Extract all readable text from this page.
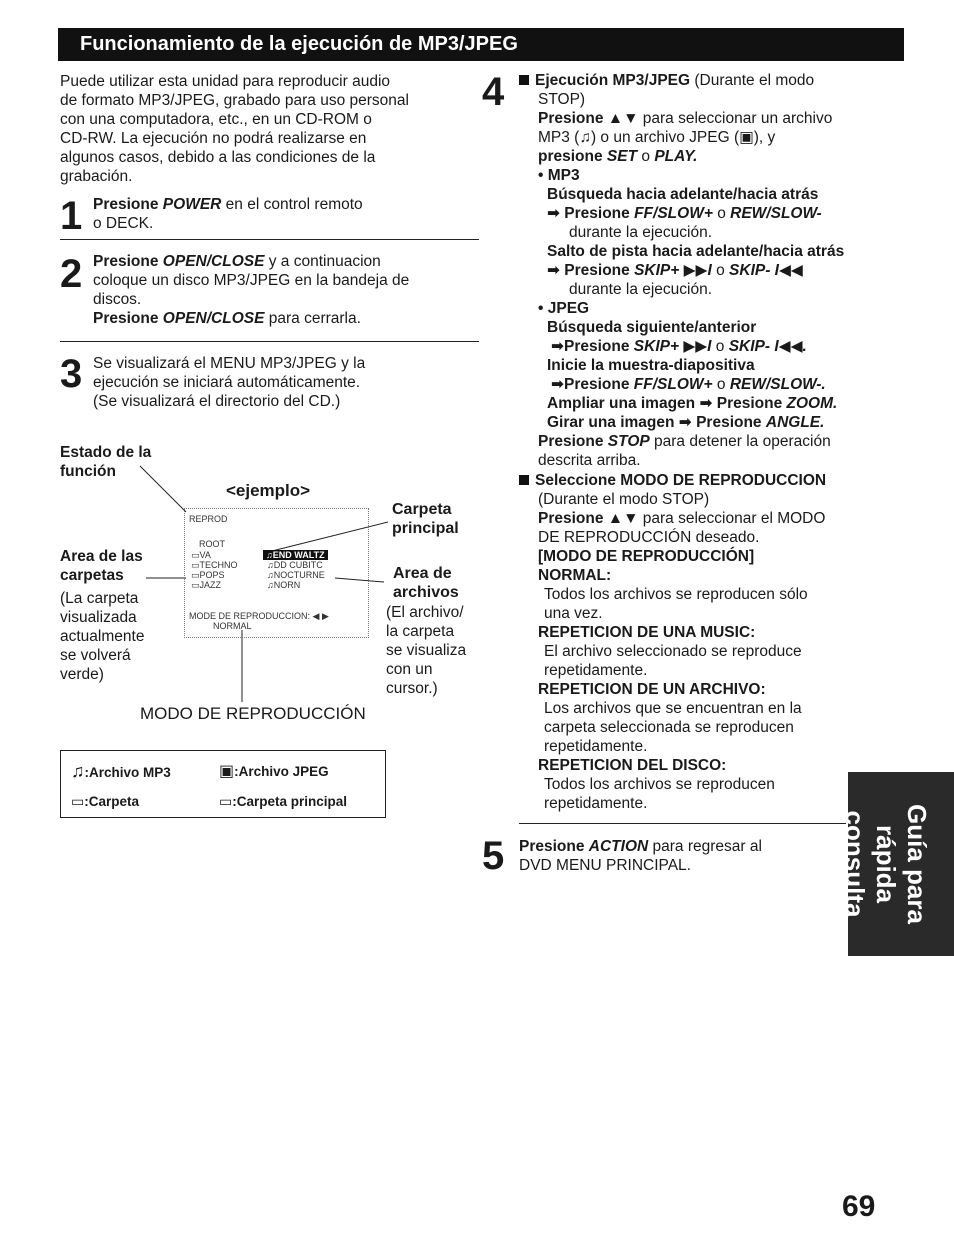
Funcionamiento de la ejecución de MP3/JPEG
Puede utilizar esta unidad para reproducir audio
de formato MP3/JPEG, grabado para uso personal
con una computadora, etc., en un CD-ROM o
CD-RW. La ejecución no podrá realizarse en
algunos casos, debido a las condiciones de la
grabación.
1 Presione POWER en el control remoto
o DECK.
2 Presione OPEN/CLOSE y a continuacion
coloque un disco MP3/JPEG en la bandeja de
discos.
Presione OPEN/CLOSE para cerrarla.
3 Se visualizará el MENU MP3/JPEG y la
ejecución se iniciará automáticamente.
(Se visualizará el directorio del CD.)
Estado de la
función
<ejemplo>
REPROD
ROOT
▭VA
▭TECHNO
▭POPS
▭JAZZ
♫END WALTZ
♫DD CUBITC
♫NOCTURNE
♫NORN
MODE DE REPRODUCCION: ◀ ▶
NORMAL
Carpeta
principal
Area de las
carpetas
(La carpeta
visualizada
actualmente
se volverá
verde)
Area de
archivos
(El archivo/
la carpeta
se visualiza
con un
cursor.)
MODO DE REPRODUCCIÓN
♫:Archivo MP3	▣:Archivo JPEG
▭:Carpeta	▭:Carpeta principal
4	Ejecución MP3/JPEG (Durante el modo
STOP)
Presione ▲▼ para seleccionar un archivo
MP3 (♫) o un archivo JPEG (▣), y
presione SET o PLAY.
• MP3
Búsqueda hacia adelante/hacia atrás
➡ Presione FF/SLOW+ o REW/SLOW-
durante la ejecución.
Salto de pista hacia adelante/hacia atrás
➡ Presione SKIP+ ▶▶I o SKIP- I◀◀
durante la ejecución.
• JPEG
Búsqueda siguiente/anterior
➡Presione SKIP+ ▶▶I o SKIP- I◀◀.
Inicie la muestra-diapositiva
➡Presione FF/SLOW+ o REW/SLOW-.
Ampliar una imagen ➡ Presione ZOOM.
Girar una imagen ➡ Presione ANGLE.
Presione STOP para detener la operación
descrita arriba.
Seleccione MODO DE REPRODUCCION
(Durante el modo STOP)
Presione ▲▼ para seleccionar el MODO
DE REPRODUCCIÓN deseado.
[MODO DE REPRODUCCIÓN]
NORMAL:
Todos los archivos se reproducen sólo
una vez.
REPETICION DE UNA MUSIC:
El archivo seleccionado se reproduce
repetidamente.
REPETICION DE UN ARCHIVO:
Los archivos que se encuentran en la
carpeta seleccionada se reproducen
repetidamente.
REPETICION DEL DISCO:
Todos los archivos se reproducen
repetidamente.
5 Presione ACTION para regresar al
DVD MENU PRINCIPAL.	Guía para
rápida consulta
69
